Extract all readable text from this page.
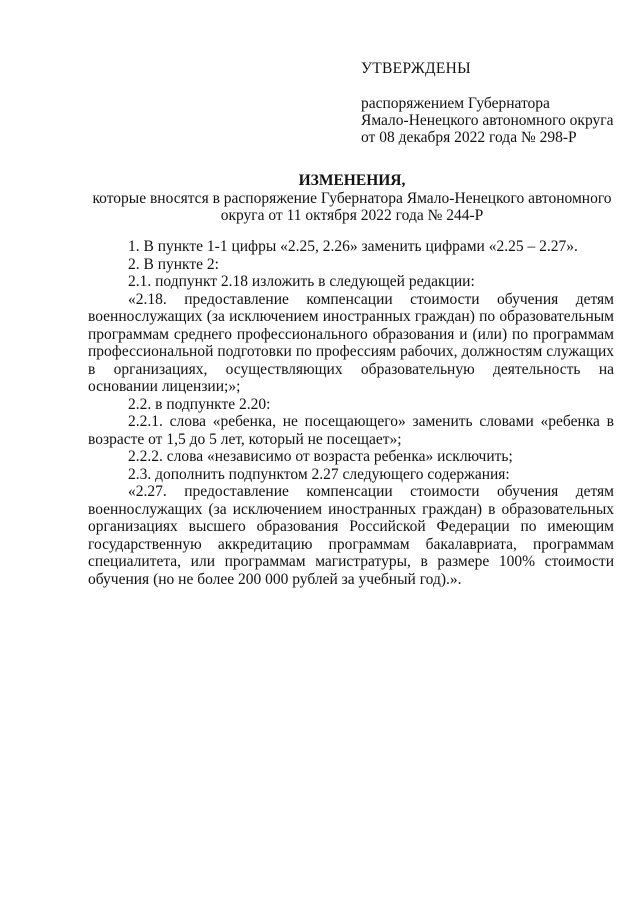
УТВЕРЖДЕНЫ

распоряжением Губернатора

Ямало-Ненецкого автономного округа

от 08 декабря 2022 года № 298-Р

ИЗМЕНЕНИЯ,

которые вносятся в распоряжение Губернатора Ямало-Ненецкого автономного округа от 11 октября 2022 года № 244-Р

1. В пункте 1-1 цифры «2.25, 2.26» заменить цифрами «2.25 – 2.27».

2. В пункте 2:

2.1. подпункт 2.18 изложить в следующей редакции:

«2.18. предоставление компенсации стоимости обучения детям военнослужащих (за исключением иностранных граждан) по образовательным программам среднего профессионального образования и (или) по программам профессиональной подготовки по профессиям рабочих, должностям служащих в организациях, осуществляющих образовательную деятельность на основании лицензии;»;

2.2. в подпункте 2.20:

2.2.1. слова «ребенка, не посещающего» заменить словами «ребенка в возрасте от 1,5 до 5 лет, который не посещает»;

2.2.2. слова «независимо от возраста ребенка» исключить;

2.3. дополнить подпунктом 2.27 следующего содержания:

«2.27. предоставление компенсации стоимости обучения детям военнослужащих (за исключением иностранных граждан) в образовательных организациях высшего образования Российской Федерации по имеющим государственную аккредитацию программам бакалавриата, программам специалитета, или программам магистратуры, в размере 100% стоимости обучения (но не более 200 000 рублей за учебный год).».
